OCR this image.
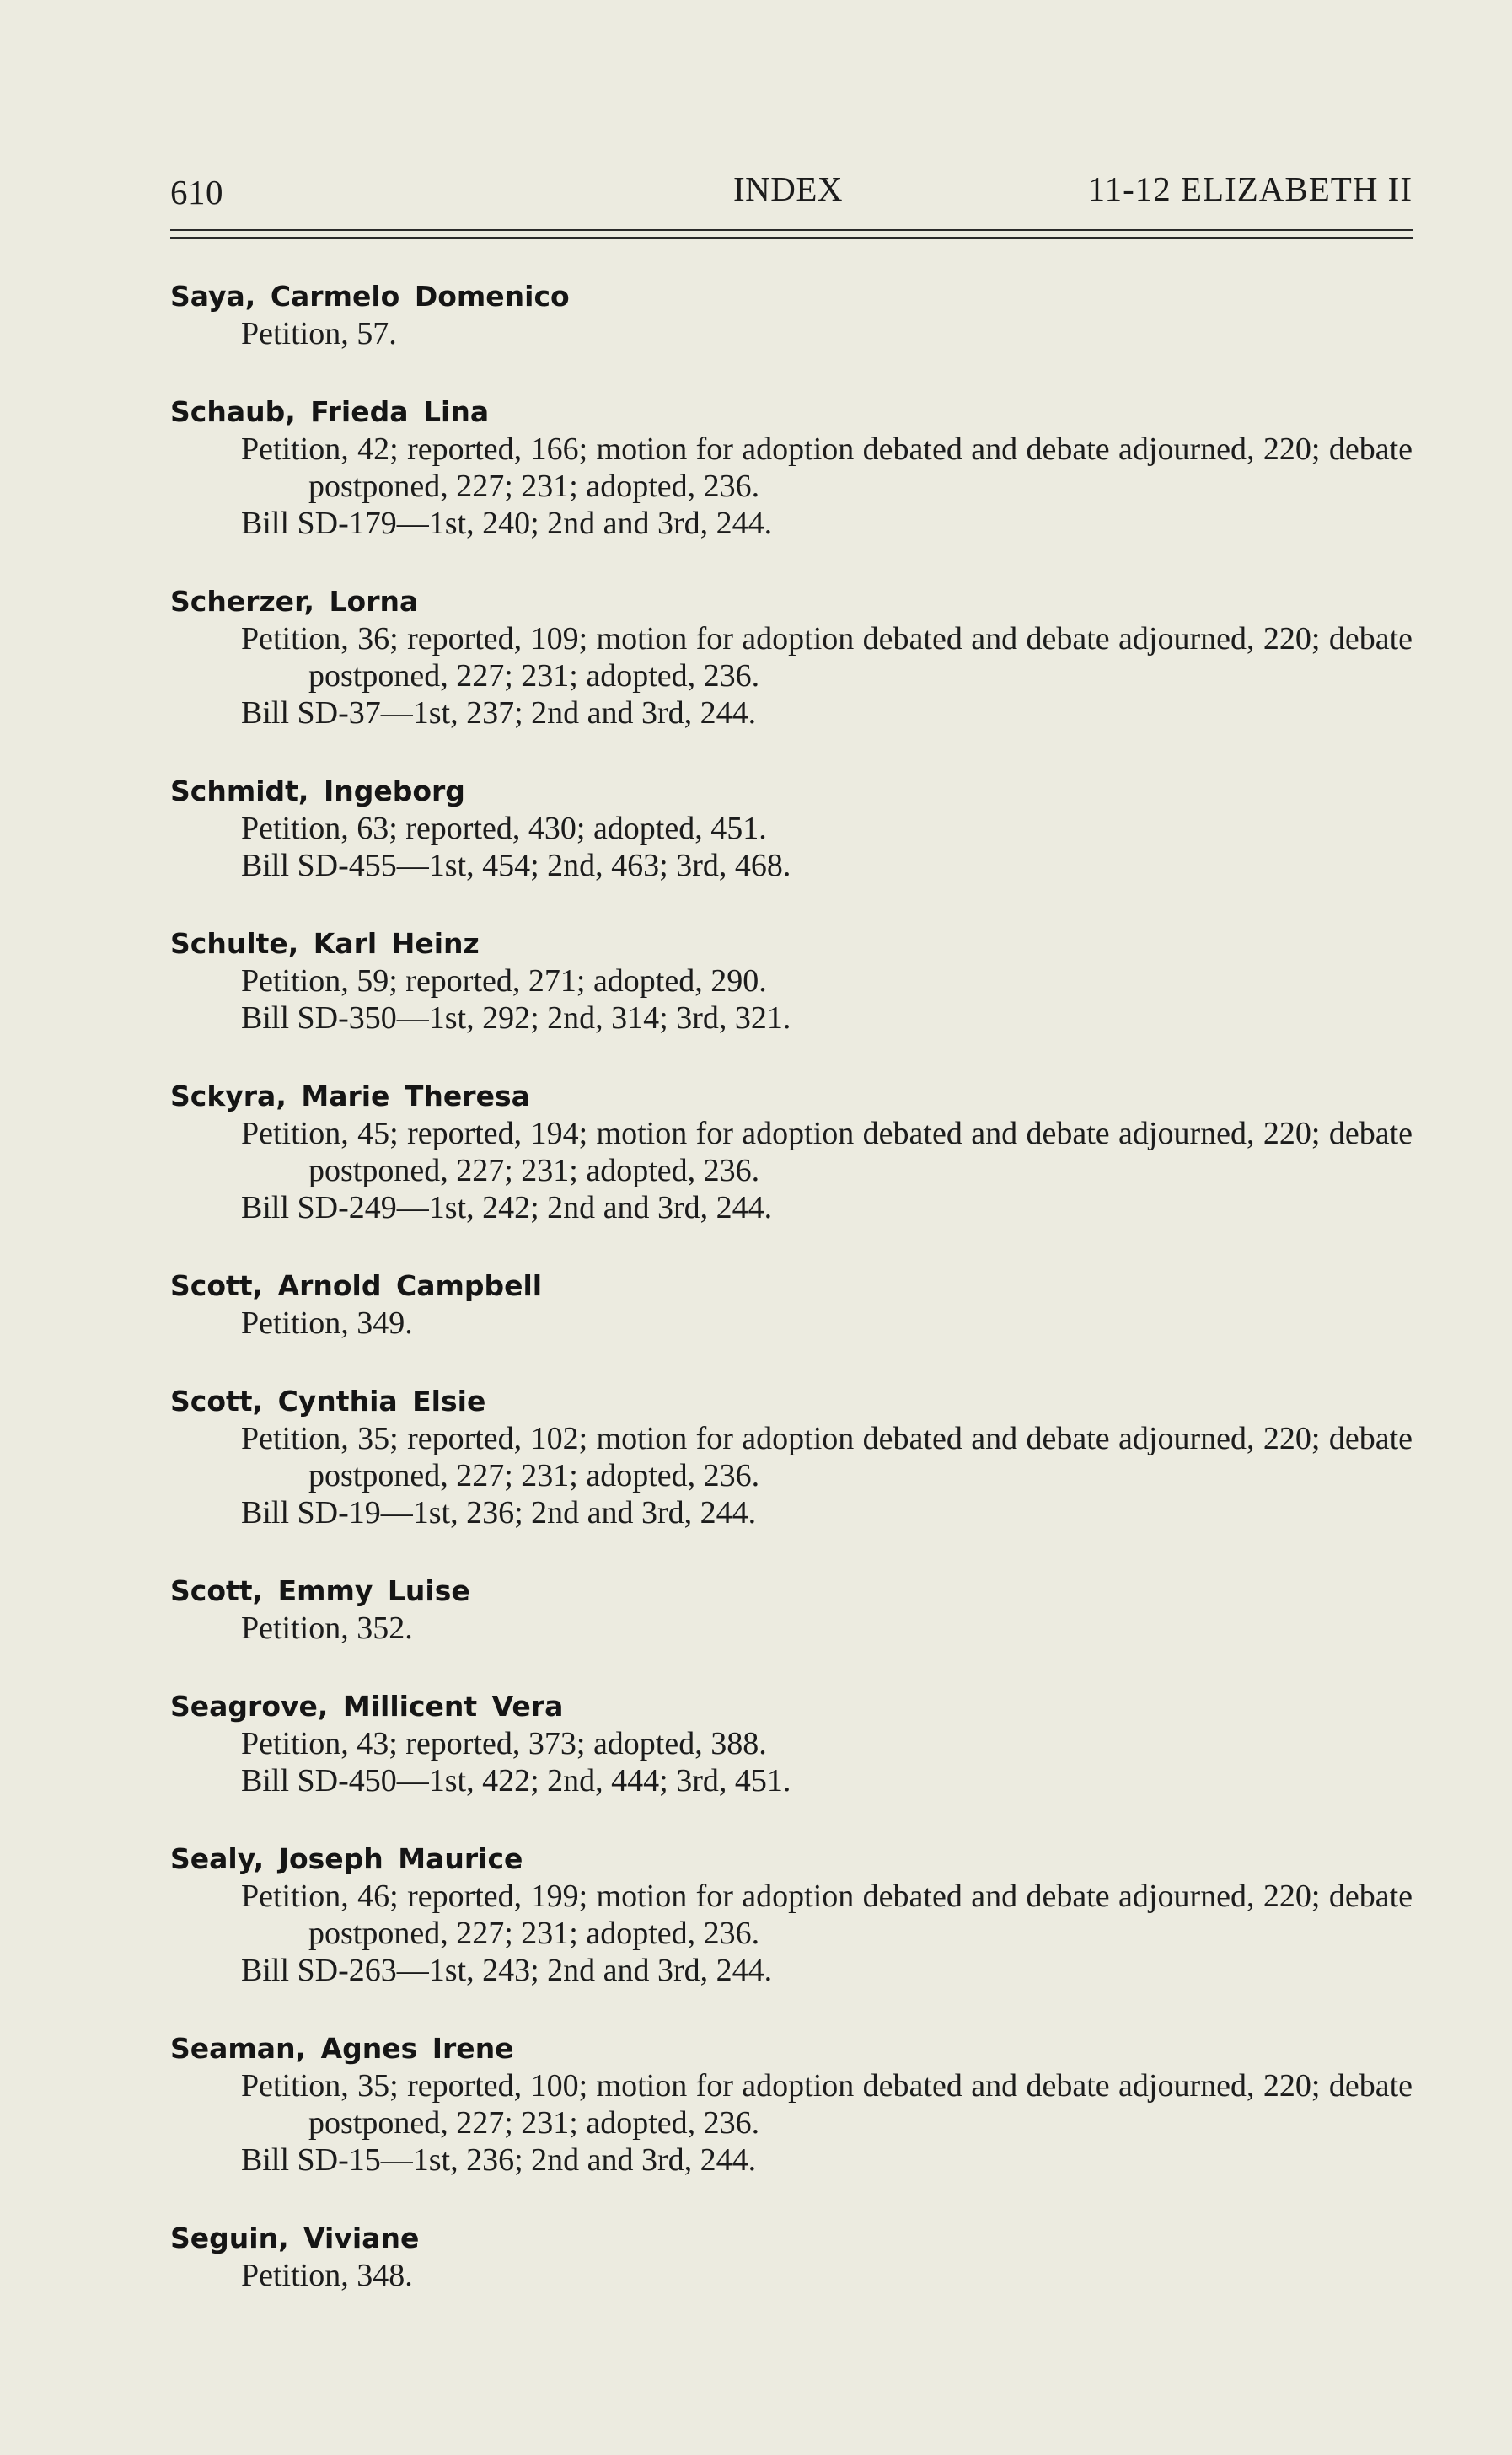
610	INDEX	11-12 ELIZABETH II
Saya, Carmelo Domenico
Petition, 57.
Schaub, Frieda Lina
Petition, 42; reported, 166; motion for adoption debated and debate adjourned, 220; debate postponed, 227; 231; adopted, 236.
Bill SD-179—1st, 240; 2nd and 3rd, 244.
Scherzer, Lorna
Petition, 36; reported, 109; motion for adoption debated and debate adjourned, 220; debate postponed, 227; 231; adopted, 236.
Bill SD-37—1st, 237; 2nd and 3rd, 244.
Schmidt, Ingeborg
Petition, 63; reported, 430; adopted, 451.
Bill SD-455—1st, 454; 2nd, 463; 3rd, 468.
Schulte, Karl Heinz
Petition, 59; reported, 271; adopted, 290.
Bill SD-350—1st, 292; 2nd, 314; 3rd, 321.
Sckyra, Marie Theresa
Petition, 45; reported, 194; motion for adoption debated and debate adjourned, 220; debate postponed, 227; 231; adopted, 236.
Bill SD-249—1st, 242; 2nd and 3rd, 244.
Scott, Arnold Campbell
Petition, 349.
Scott, Cynthia Elsie
Petition, 35; reported, 102; motion for adoption debated and debate adjourned, 220; debate postponed, 227; 231; adopted, 236.
Bill SD-19—1st, 236; 2nd and 3rd, 244.
Scott, Emmy Luise
Petition, 352.
Seagrove, Millicent Vera
Petition, 43; reported, 373; adopted, 388.
Bill SD-450—1st, 422; 2nd, 444; 3rd, 451.
Sealy, Joseph Maurice
Petition, 46; reported, 199; motion for adoption debated and debate adjourned, 220; debate postponed, 227; 231; adopted, 236.
Bill SD-263—1st, 243; 2nd and 3rd, 244.
Seaman, Agnes Irene
Petition, 35; reported, 100; motion for adoption debated and debate adjourned, 220; debate postponed, 227; 231; adopted, 236.
Bill SD-15—1st, 236; 2nd and 3rd, 244.
Seguin, Viviane
Petition, 348.
